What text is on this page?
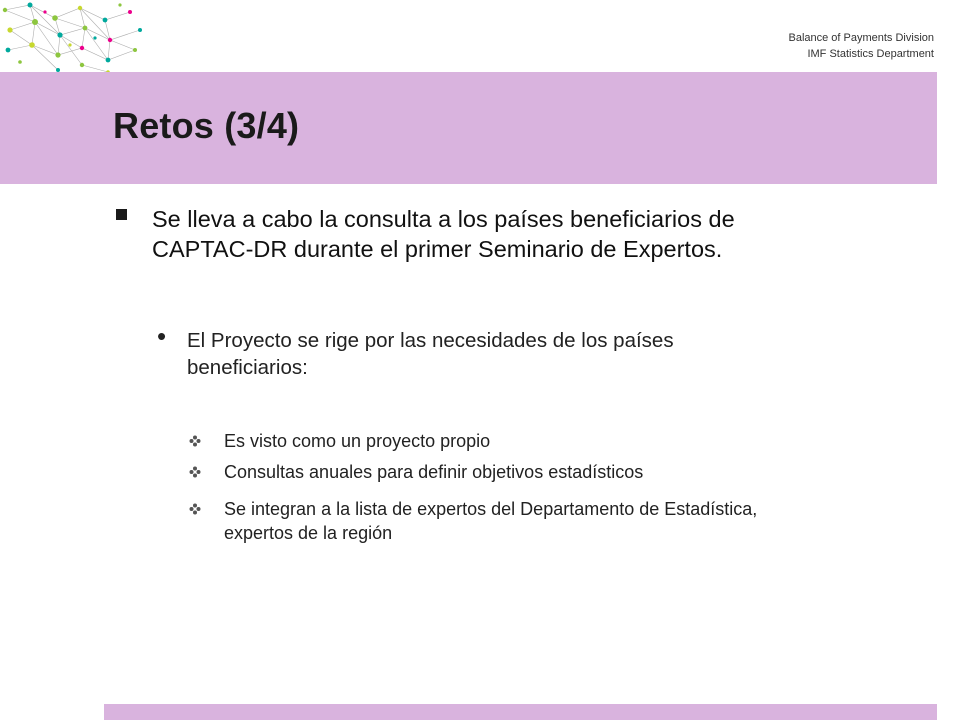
Balance of Payments Division
IMF Statistics Department
Retos (3/4)
Se lleva a cabo la consulta a los países beneficiarios de
CAPTAC-DR durante el primer Seminario de Expertos.
• El Proyecto se rige por las necesidades de los países
beneficiarios:
Es visto como un proyecto propio
Consultas anuales para definir objetivos estadísticos
Se integran a la lista de expertos del Departamento de Estadística,
expertos de la región
